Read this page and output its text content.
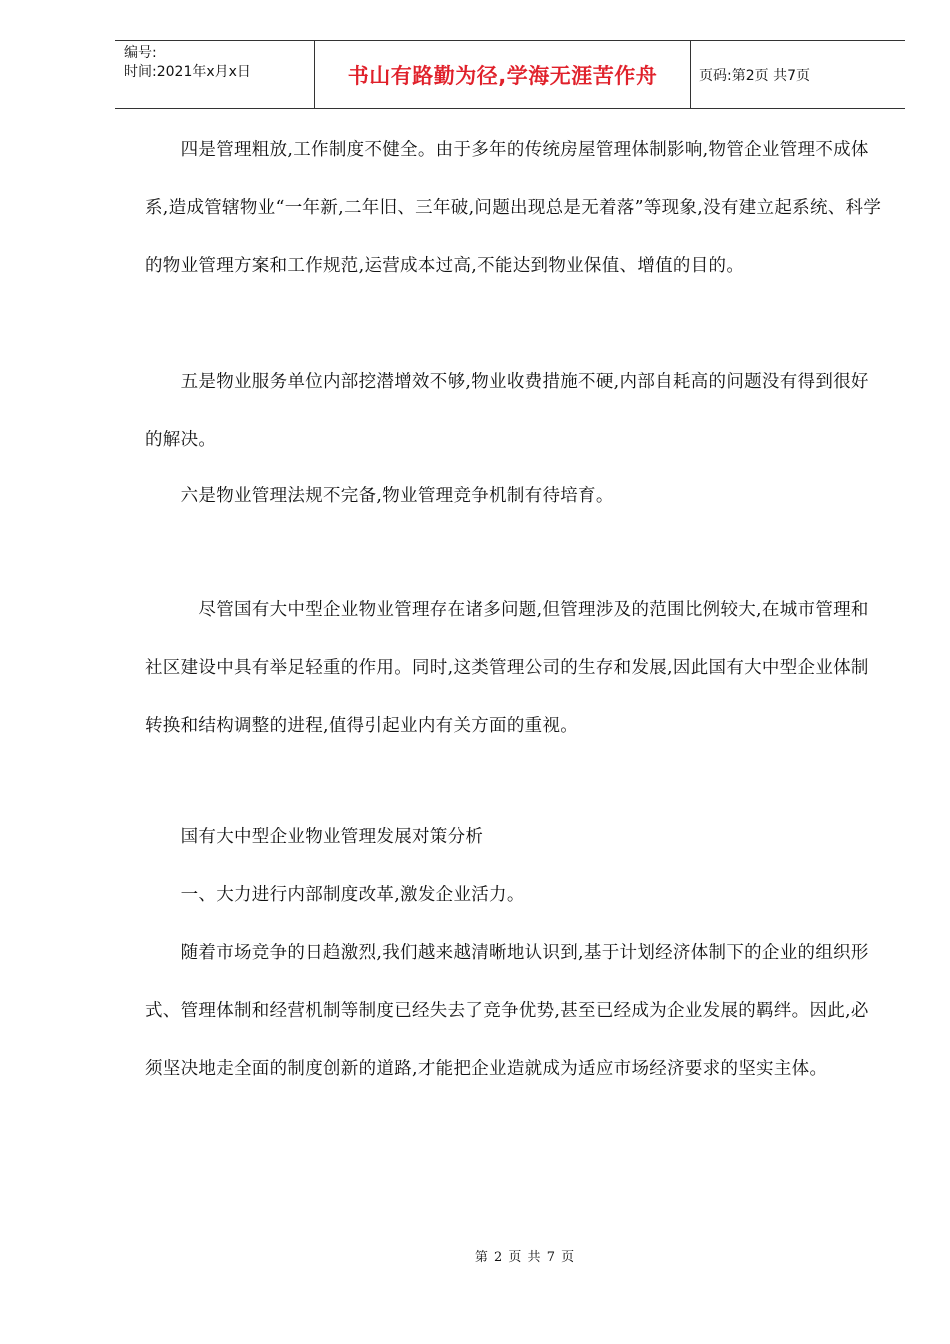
编号:
时间:2021年x月x日	书山有路勤为径,学海无涯苦作舟	页码:第2页 共7页

　　四是管理粗放,工作制度不健全。由于多年的传统房屋管理体制影响,物管企业管理不成体系,造成管辖物业“一年新,二年旧、三年破,问题出现总是无着落”等现象,没有建立起系统、科学的物业管理方案和工作规范,运营成本过高,不能达到物业保值、增值的目的。

　　五是物业服务单位内部挖潜增效不够,物业收费措施不硬,内部自耗高的问题没有得到很好的解决。

　　六是物业管理法规不完备,物业管理竞争机制有待培育。

　　　尽管国有大中型企业物业管理存在诸多问题,但管理涉及的范围比例较大,在城市管理和社区建设中具有举足轻重的作用。同时,这类管理公司的生存和发展,因此国有大中型企业体制转换和结构调整的进程,值得引起业内有关方面的重视。

　　国有大中型企业物业管理发展对策分析

　　一、大力进行内部制度改革,激发企业活力。

　　随着市场竞争的日趋激烈,我们越来越清晰地认识到,基于计划经济体制下的企业的组织形式、管理体制和经营机制等制度已经失去了竞争优势,甚至已经成为企业发展的羁绊。因此,必须坚决地走全面的制度创新的道路,才能把企业造就成为适应市场经济要求的坚实主体。

第 2 页 共 7 页
